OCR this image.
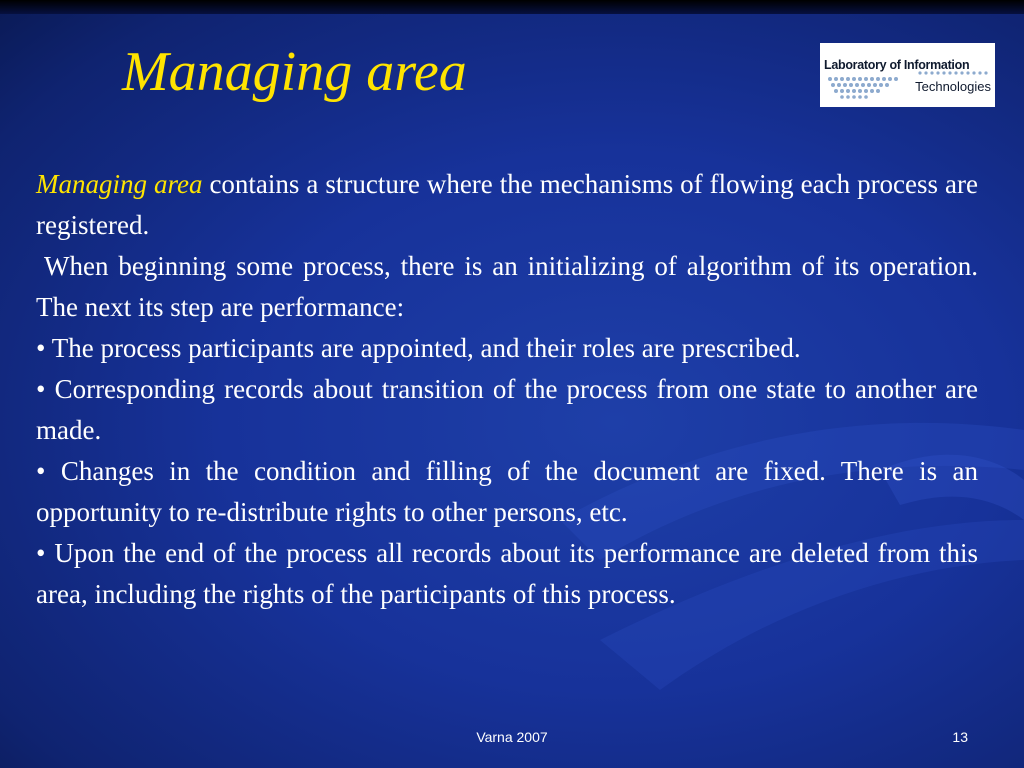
Managing area	Laboratory of Information
Technologies

Managing area contains a structure where the mechanisms of flowing each process are registered.

When beginning some process, there is an initializing of algorithm of its operation. The next its step are performance:

• The process participants are appointed, and their roles are prescribed.

• Corresponding records about transition of the process from one state to another are made.

• Changes in the condition and filling of the document are fixed. There is an opportunity to re-distribute rights to other persons, etc.

• Upon the end of the process all records about its performance are deleted from this area, including the rights of the participants of this process.

Varna 2007	13
